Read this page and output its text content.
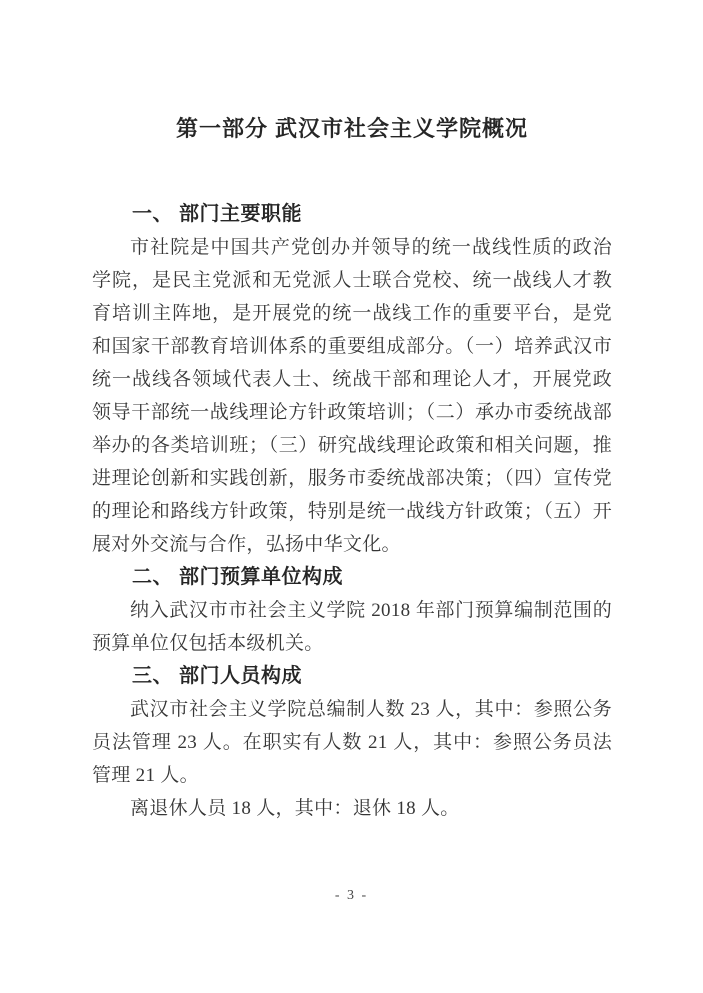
第一部分 武汉市社会主义学院概况
一、 部门主要职能

市社院是中国共产党创办并领导的统一战线性质的政治学院，是民主党派和无党派人士联合党校、统一战线人才教育培训主阵地，是开展党的统一战线工作的重要平台，是党和国家干部教育培训体系的重要组成部分。（一）培养武汉市统一战线各领域代表人士、统战干部和理论人才，开展党政领导干部统一战线理论方针政策培训；（二）承办市委统战部举办的各类培训班；（三）研究战线理论政策和相关问题，推进理论创新和实践创新，服务市委统战部决策；（四）宣传党的理论和路线方针政策，特别是统一战线方针政策；（五）开展对外交流与合作，弘扬中华文化。

二、 部门预算单位构成

纳入武汉市市社会主义学院 2018 年部门预算编制范围的预算单位仅包括本级机关。

三、 部门人员构成

武汉市社会主义学院总编制人数 23 人，其中：参照公务员法管理 23 人。在职实有人数 21 人，其中：参照公务员法管理 21 人。

离退休人员 18 人，其中：退休 18 人。

- 3 -
